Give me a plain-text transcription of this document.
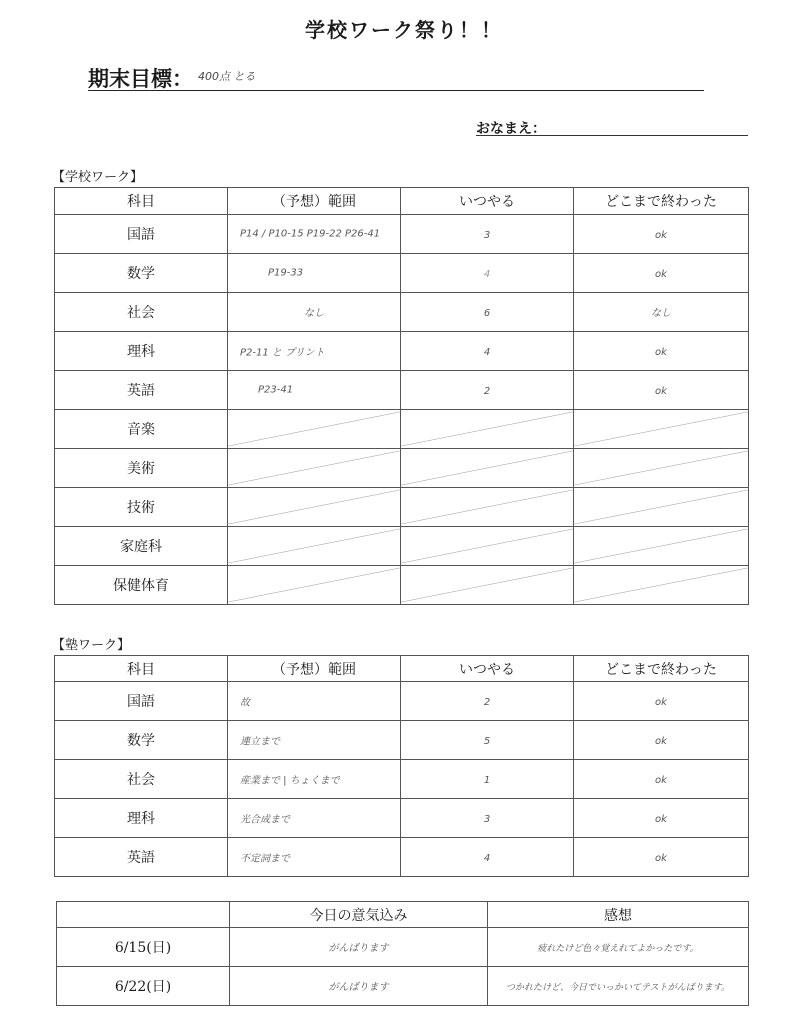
学校ワーク祭り！！
期末目標： 400点 とる
おなまえ：
【学校ワーク】
科目	（予想）範囲	いつやる	どこまで終わった
国語	P14 / P10-15 P19-22 P26-41	3	ok
数学	P19-33	4	ok
社会	なし	6	なし
理科	P2-11 と プリント	4	ok
英語	P23-41	2	ok
音楽	

美術	

技術	

家庭科	

保健体育	

【塾ワーク】
科目	（予想）範囲	いつやる	どこまで終わった
国語	故	2	ok
数学	連立まで	5	ok
社会	産業まで | ちょくまで	1	ok
理科	光合成まで	3	ok
英語	不定詞まで	4	ok
	今日の意気込み	感想
6/15(日)	がんばります	疲れたけど色々覚えれてよかったです。
6/22(日)	がんばります	つかれたけど、今日でいっかいてテストがんばります。
